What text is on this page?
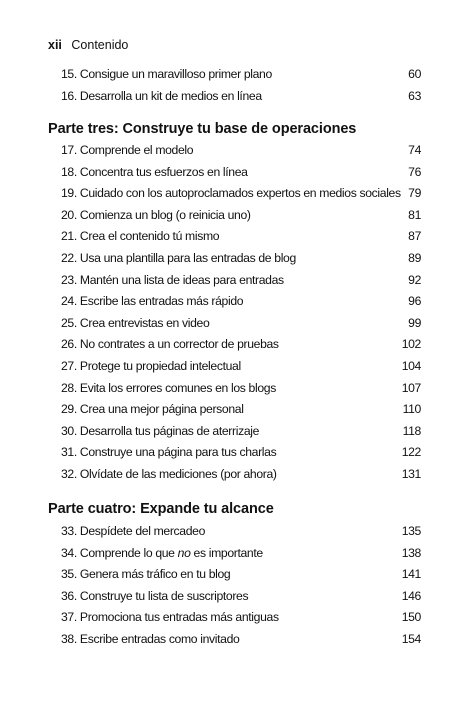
xii Contenido
15. Consigue un maravilloso primer plano	60
16. Desarrolla un kit de medios en línea	63
Parte tres: Construye tu base de operaciones
17. Comprende el modelo	74
18. Concentra tus esfuerzos en línea	76
19. Cuidado con los autoproclamados expertos en medios sociales 79
20. Comienza un blog (o reinicia uno)	81
21. Crea el contenido tú mismo	87
22. Usa una plantilla para las entradas de blog	89
23. Mantén una lista de ideas para entradas	92
24. Escribe las entradas más rápido	96
25. Crea entrevistas en video	99
26. No contrates a un corrector de pruebas	102
27. Protege tu propiedad intelectual	104
28. Evita los errores comunes en los blogs	107
29. Crea una mejor página personal	110
30. Desarrolla tus páginas de aterrizaje	118
31. Construye una página para tus charlas	122
32. Olvídate de las mediciones (por ahora)	131
Parte cuatro: Expande tu alcance
33. Despídete del mercadeo	135
34. Comprende lo que no es importante	138
35. Genera más tráfico en tu blog	141
36. Construye tu lista de suscriptores	146
37. Promociona tus entradas más antiguas	150
38. Escribe entradas como invitado	154
